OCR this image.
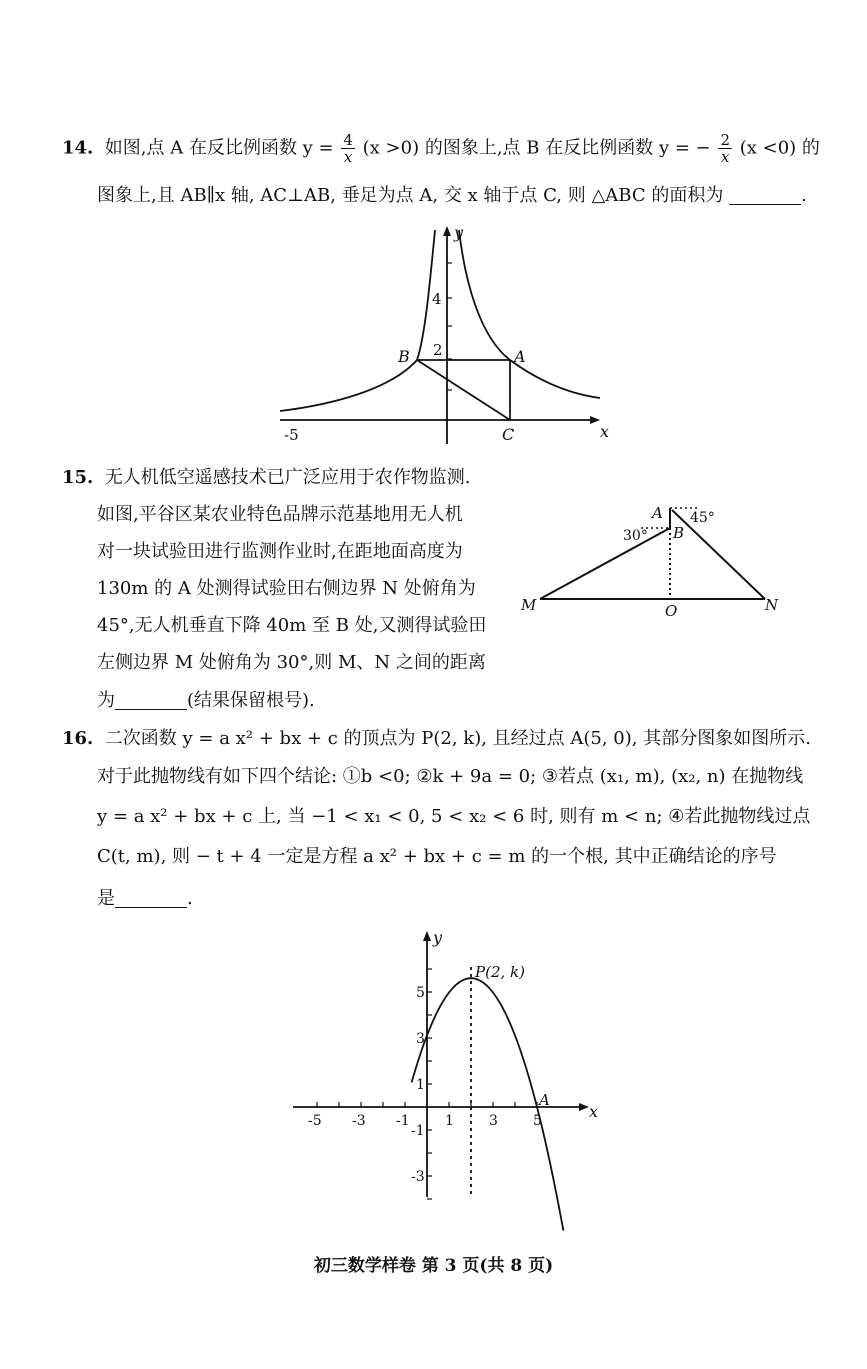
14. 如图,点 A 在反比例函数 $y = \frac{4}{x} (x >0)$ 的图象上,点 B 在反比例函数 y = − $\frac{2}{x} (x <0)$ 的
图象上,且 AB∥x 轴, AC⊥AB, 垂足为点 A, 交 x 轴于点 C, 则 △ABC 的面积为	.
y
x
4
2
-5
B	A
C
15. 无人机低空遥感技术已广泛应用于农作物监测.
如图,平谷区某农业特色品牌示范基地用无人机
对一块试验田进行监测作业时,在距地面高度为
130m 的 A 处测得试验田右侧边界 N 处俯角为
45°,无人机垂直下降 40m 至 B 处,又测得试验田
左侧边界 M 处俯角为 30°,则 M、N 之间的距离
为	(结果保留根号).
A
B
M	N
O
30°
45°
16. 二次函数 y = a x² + bx + c 的顶点为 P(2, k), 且经过点 A(5, 0), 其部分图象如图所示.
对于此抛物线有如下四个结论: ①b <0; ②k + 9a = 0; ③若点 (x₁, m), (x₂, n) 在抛物线
y = a x² + bx + c 上, 当 −1 < x₁ < 0, 5 < x₂ < 6 时, 则有 m < n; ④若此抛物线过点
C(t, m), 则 − t + 4 一定是方程 a x² + bx + c = m 的一个根, 其中正确结论的序号
是	.
-5 -3 -1	1	3	5
5
3
1
-1
-3
y
x
P(2, k)
A
初三数学样卷 第 3 页(共 8 页)
